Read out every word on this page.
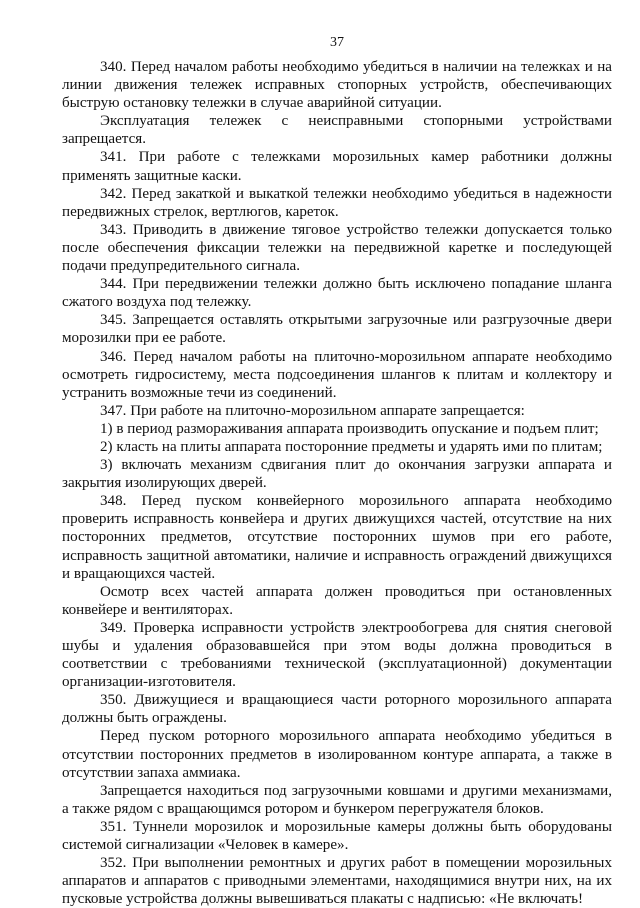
37

340. Перед началом работы необходимо убедиться в наличии на тележках и на линии движения тележек исправных стопорных устройств, обеспечивающих быструю остановку тележки в случае аварийной ситуации.

Эксплуатация тележек с неисправными стопорными устройствами запрещается.

341. При работе с тележками морозильных камер работники должны применять защитные каски.

342. Перед закаткой и выкаткой тележки необходимо убедиться в надежности передвижных стрелок, вертлюгов, кареток.

343. Приводить в движение тяговое устройство тележки допускается только после обеспечения фиксации тележки на передвижной каретке и последующей подачи предупредительного сигнала.

344. При передвижении тележки должно быть исключено попадание шланга сжатого воздуха под тележку.

345. Запрещается оставлять открытыми загрузочные или разгрузочные двери морозилки при ее работе.

346. Перед началом работы на плиточно-морозильном аппарате необходимо осмотреть гидросистему, места подсоединения шлангов к плитам и коллектору и устранить возможные течи из соединений.

347. При работе на плиточно-морозильном аппарате запрещается:

1) в период размораживания аппарата производить опускание и подъем плит;

2) класть на плиты аппарата посторонние предметы и ударять ими по плитам;

3) включать механизм сдвигания плит до окончания загрузки аппарата и закрытия изолирующих дверей.

348. Перед пуском конвейерного морозильного аппарата необходимо проверить исправность конвейера и других движущихся частей, отсутствие на них посторонних предметов, отсутствие посторонних шумов при его работе, исправность защитной автоматики, наличие и исправность ограждений движущихся и вращающихся частей.

Осмотр всех частей аппарата должен проводиться при остановленных конвейере и вентиляторах.

349. Проверка исправности устройств электрообогрева для снятия снеговой шубы и удаления образовавшейся при этом воды должна проводиться в соответствии с требованиями технической (эксплуатационной) документации организации-изготовителя.

350. Движущиеся и вращающиеся части роторного морозильного аппарата должны быть ограждены.

Перед пуском роторного морозильного аппарата необходимо убедиться в отсутствии посторонних предметов в изолированном контуре аппарата, а также в отсутствии запаха аммиака.

Запрещается находиться под загрузочными ковшами и другими механизмами, а также рядом с вращающимся ротором и бункером перегружателя блоков.

351. Туннели морозилок и морозильные камеры должны быть оборудованы системой сигнализации «Человек в камере».

352. При выполнении ремонтных и других работ в помещении морозильных аппаратов и аппаратов с приводными элементами, находящимися внутри них, на их пусковые устройства должны вывешиваться плакаты с надписью: «Не включать!
